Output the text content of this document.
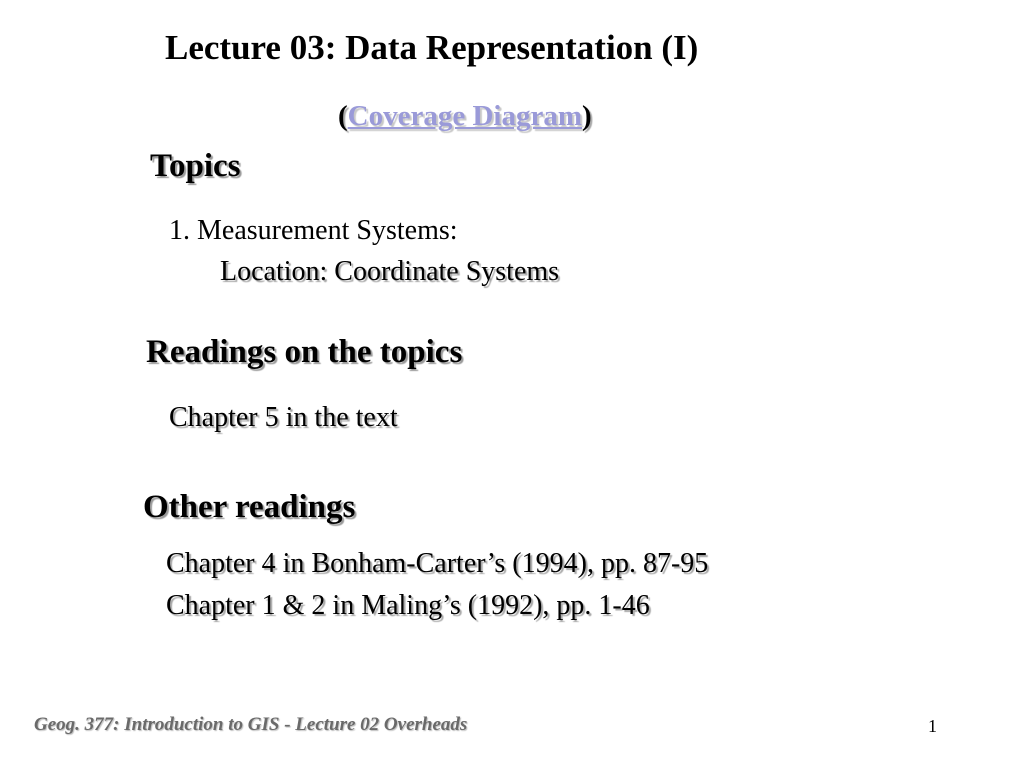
Lecture 03: Data Representation (I)
(Coverage Diagram)
Topics
1. Measurement Systems:
Location: Coordinate Systems
Readings on the topics
Chapter 5 in the text
Other readings
Chapter 4 in Bonham-Carter’s (1994), pp. 87-95
Chapter 1 & 2 in Maling’s (1992), pp. 1-46
Geog. 377: Introduction to GIS - Lecture 02 Overheads	1
